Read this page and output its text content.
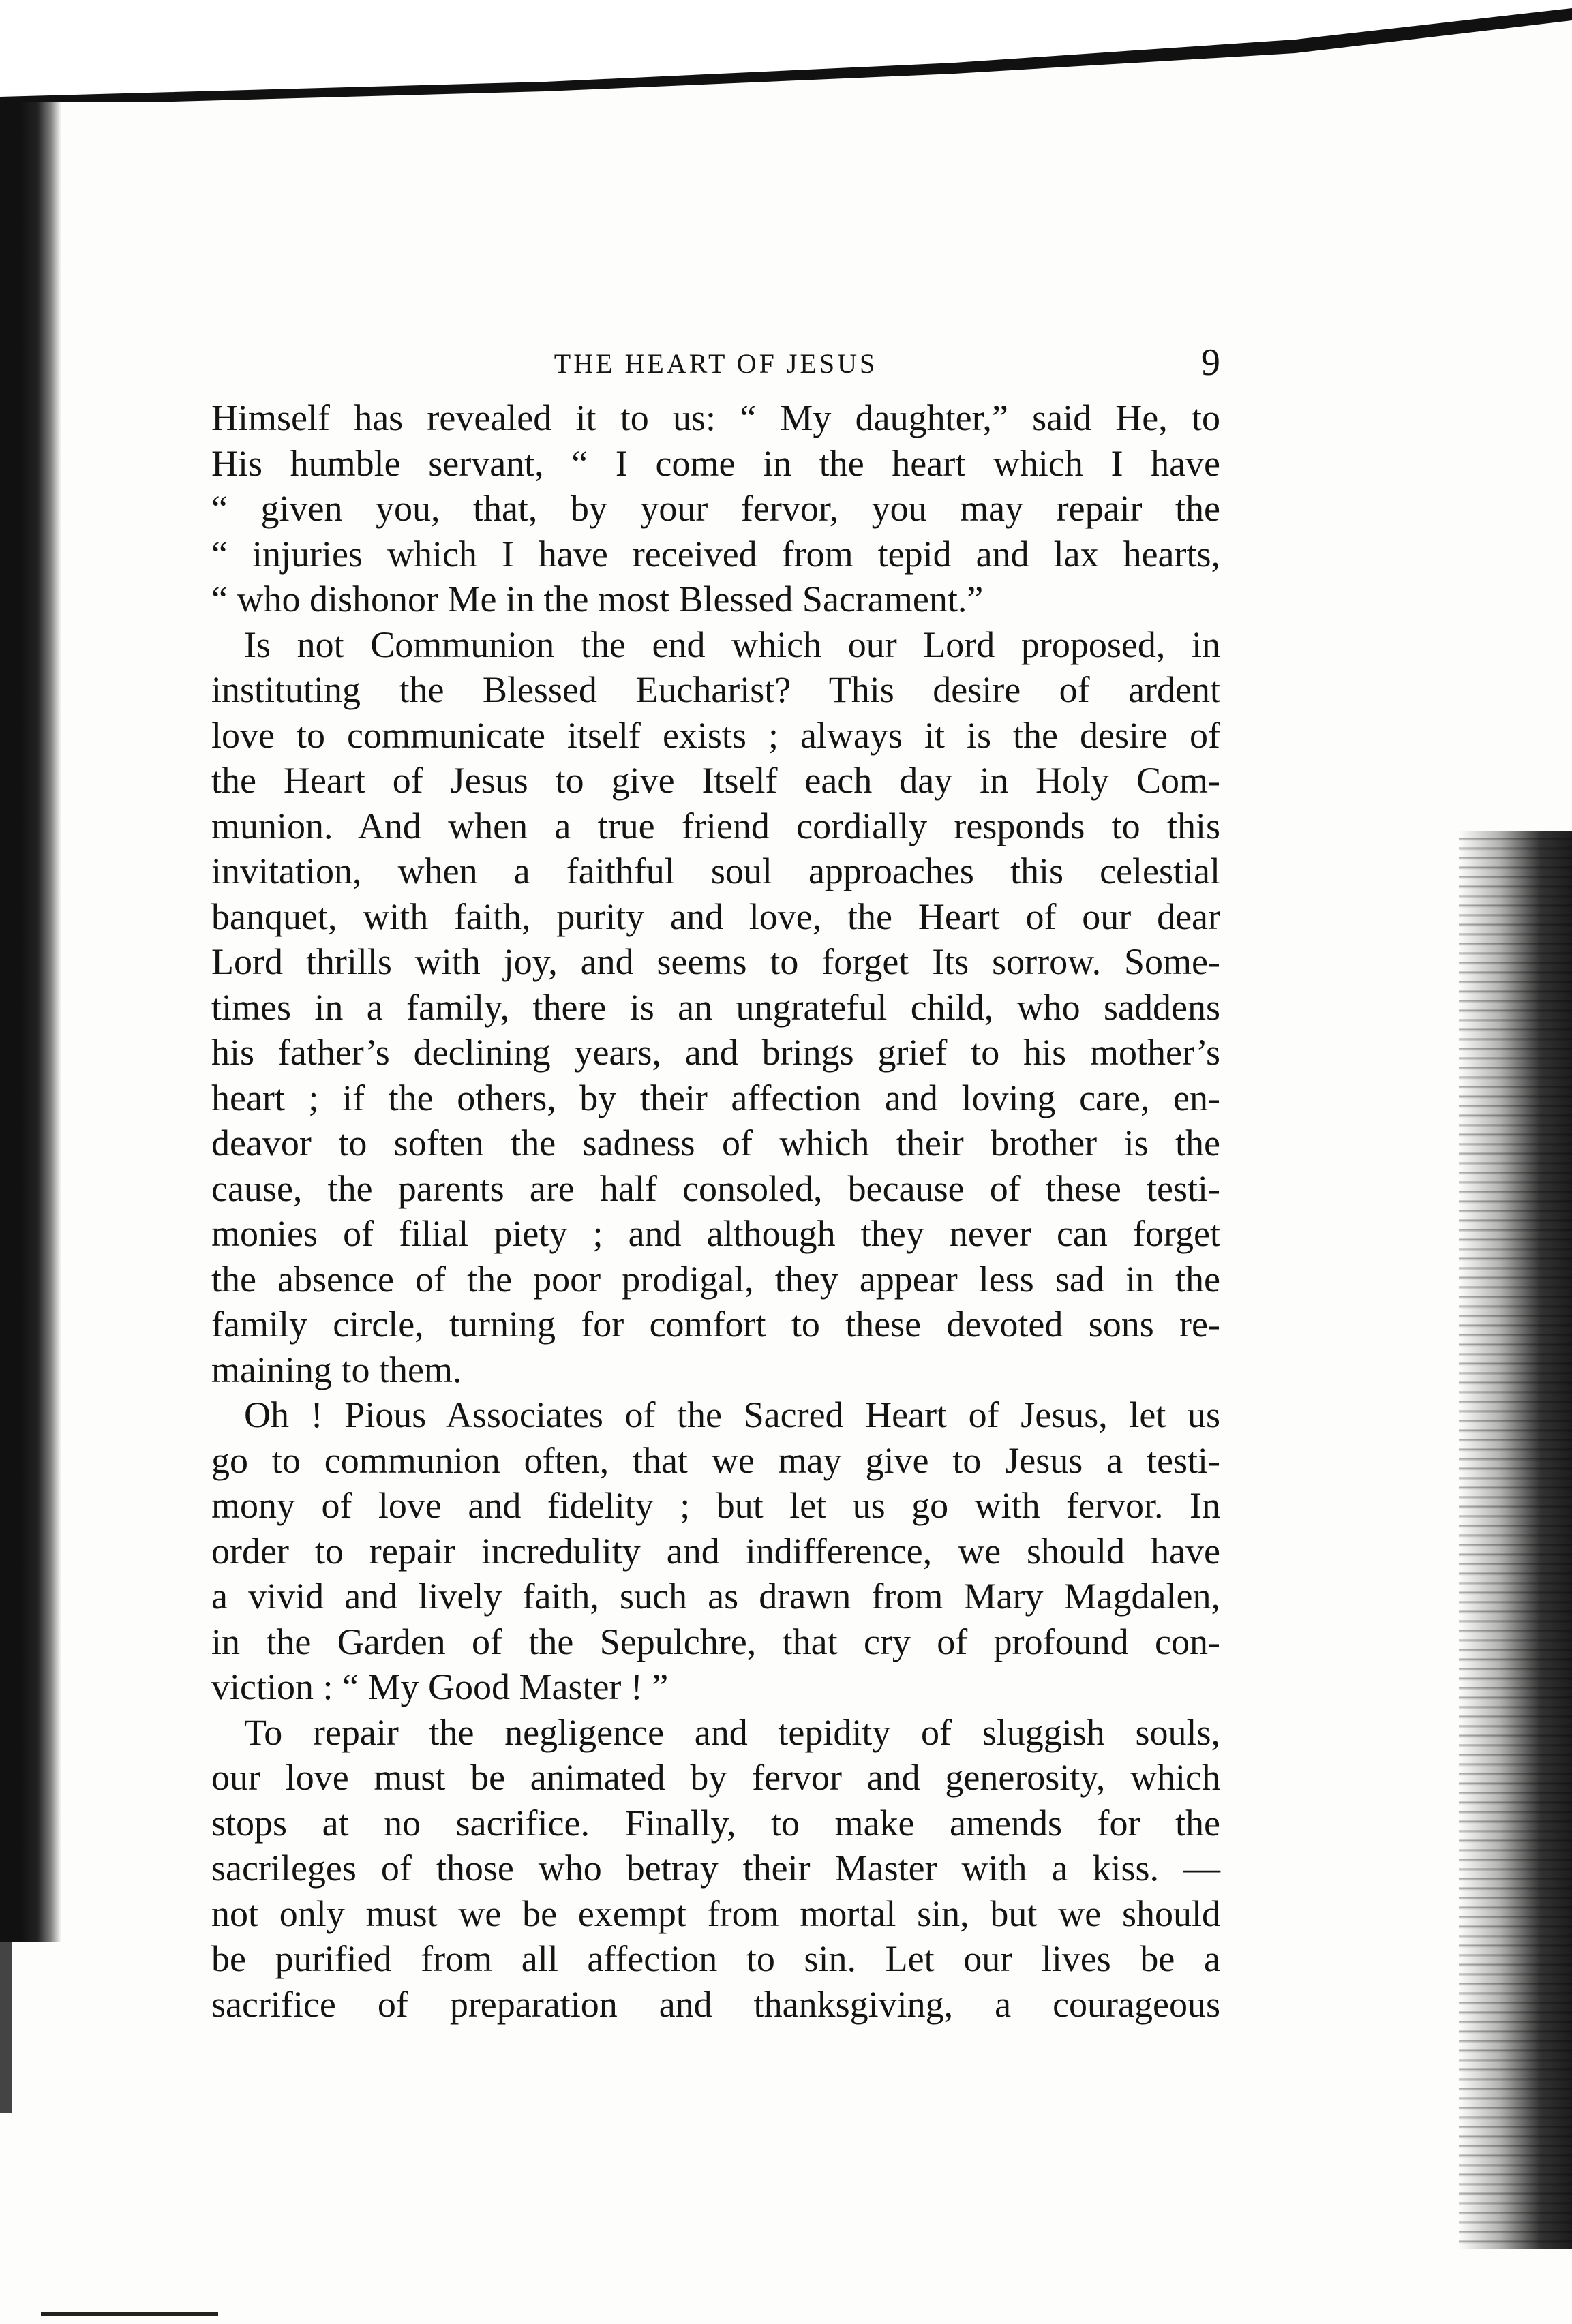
THE HEART OF JESUS	9
Himself has revealed it to us: “ My daughter,” said He, to
His humble servant, “ I come in the heart which I have
“ given you, that, by your fervor, you may repair the
“ injuries which I have received from tepid and lax hearts,
“ who dishonor Me in the most Blessed Sacrament.”
Is not Communion the end which our Lord proposed, in
instituting the Blessed Eucharist? This desire of ardent
love to communicate itself exists ; always it is the desire of
the Heart of Jesus to give Itself each day in Holy Com-
munion. And when a true friend cordially responds to this
invitation, when a faithful soul approaches this celestial
banquet, with faith, purity and love, the Heart of our dear
Lord thrills with joy, and seems to forget Its sorrow. Some-
times in a family, there is an ungrateful child, who saddens
his father’s declining years, and brings grief to his mother’s
heart ; if the others, by their affection and loving care, en-
deavor to soften the sadness of which their brother is the
cause, the parents are half consoled, because of these testi-
monies of filial piety ; and although they never can forget
the absence of the poor prodigal, they appear less sad in the
family circle, turning for comfort to these devoted sons re-
maining to them.
Oh ! Pious Associates of the Sacred Heart of Jesus, let us
go to communion often, that we may give to Jesus a testi-
mony of love and fidelity ; but let us go with fervor. In
order to repair incredulity and indifference, we should have
a vivid and lively faith, such as drawn from Mary Magdalen,
in the Garden of the Sepulchre, that cry of profound con-
viction : “ My Good Master ! ”
To repair the negligence and tepidity of sluggish souls,
our love must be animated by fervor and generosity, which
stops at no sacrifice. Finally, to make amends for the
sacrileges of those who betray their Master with a kiss. —
not only must we be exempt from mortal sin, but we should
be purified from all affection to sin. Let our lives be a
sacrifice of preparation and thanksgiving, a courageous
